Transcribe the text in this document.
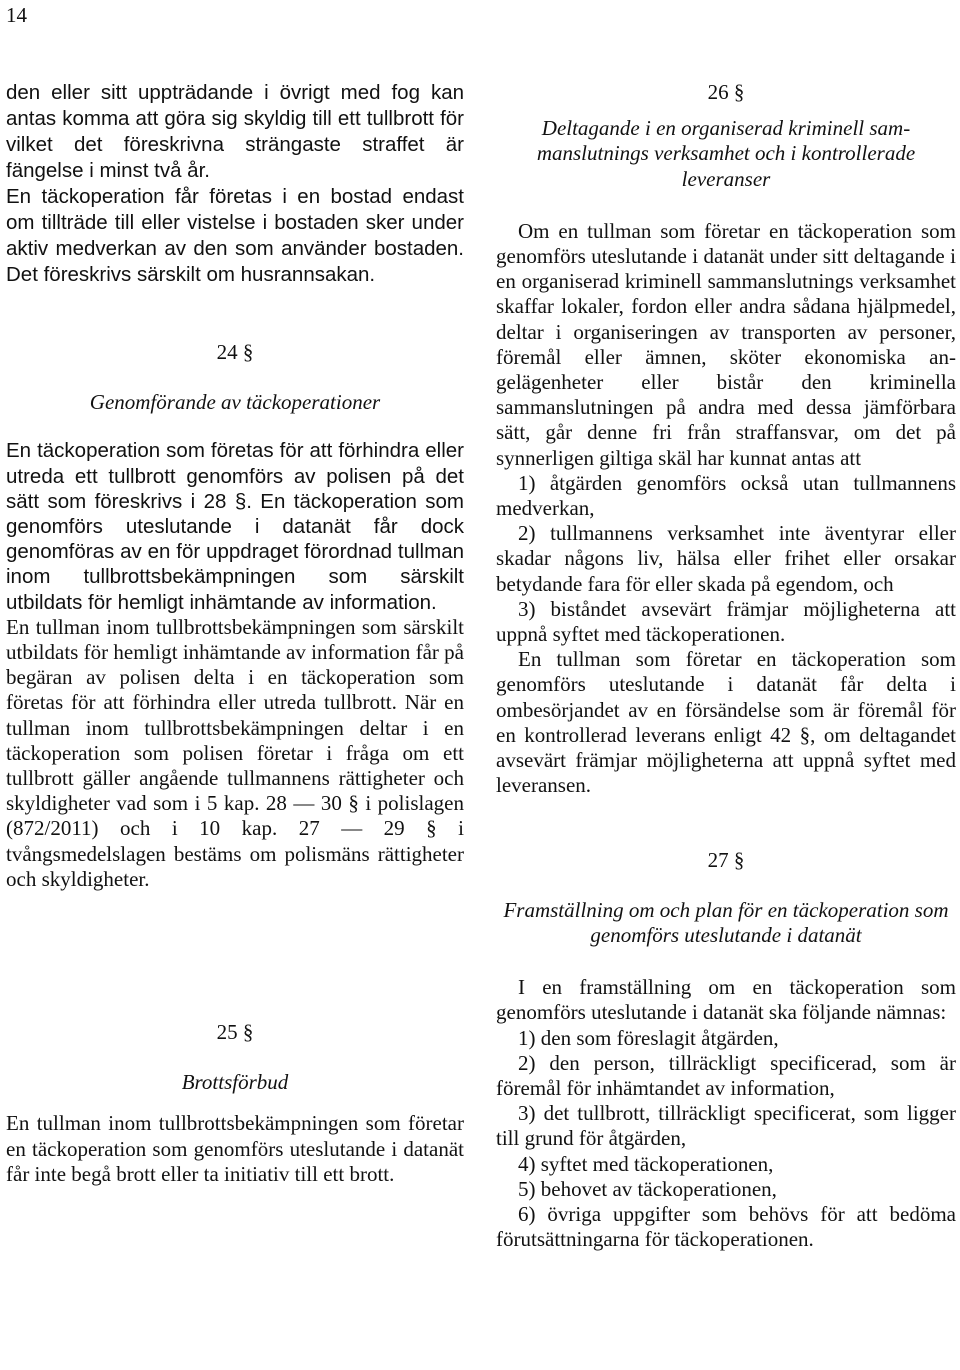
14

den eller sitt uppträdande i övrigt med fog kan antas komma att göra sig skyldig till ett tullbrott för vilket det föreskrivna strängaste straffet är fängelse i minst två år.

En täckoperation får företas i en bostad endast om tillträde till eller vistelse i bostaden sker under aktiv medverkan av den som använder bostaden. Det föreskrivs särskilt om husrannsakan.

24 §

Genomförande av täckoperationer

En täckoperation som företas för att förhindra eller utreda ett tullbrott genomförs av polisen på det sätt som föreskrivs i 28 §. En täckoperation som genomförs uteslutande i datanät får dock genomföras av en för uppdraget förordnad tullman inom tullbrottsbekämpningen som särskilt utbildats för hemligt inhämtande av information.

En tullman inom tullbrottsbekämpningen som särskilt utbildats för hemligt inhämtande av information får på begäran av polisen delta i en täckoperation som företas för att förhindra eller utreda tullbrott. När en tullman inom tullbrottsbekämpningen deltar i en täckoperation som polisen företar i fråga om ett tullbrott gäller angående tullmannens rättigheter och skyldigheter vad som i 5 kap. 28 — 30 § i polislagen (872/2011) och i 10 kap. 27 — 29 § i tvångsmedelslagen bestäms om polismäns rättigheter och skyldigheter.

25 §

Brottsförbud

En tullman inom tullbrottsbekämpningen som företar en täckoperation som genomförs uteslutande i datanät får inte begå brott eller ta initiativ till ett brott.

26 §

Deltagande i en organiserad kriminell sammanslutnings verksamhet och i kontrollerade leveranser

Om en tullman som företar en täckoperation som genomförs uteslutande i datanät under sitt deltagande i en organiserad kriminell sammanslutnings verksamhet skaffar lokaler, fordon eller andra sådana hjälpmedel, deltar i organiseringen av transporten av personer, föremål eller ämnen, sköter ekonomiska angelägenheter eller bistår den kriminella sammanslutningen på andra med dessa jämförbara sätt, går denne fri från straffansvar, om det på synnerligen giltiga skäl har kunnat antas att

1) åtgärden genomförs också utan tullmannens medverkan,

2) tullmannens verksamhet inte äventyrar eller skadar någons liv, hälsa eller frihet eller orsakar betydande fara för eller skada på egendom, och

3) biståndet avsevärt främjar möjligheterna att uppnå syftet med täckoperationen.

En tullman som företar en täckoperation som genomförs uteslutande i datanät får delta i ombesörjandet av en försändelse som är föremål för en kontrollerad leverans enligt 42 §, om deltagandet avsevärt främjar möjligheterna att uppnå syftet med leveransen.

27 §

Framställning om och plan för en täckoperation som genomförs uteslutande i datanät

I en framställning om en täckoperation som genomförs uteslutande i datanät ska följande nämnas:

1) den som föreslagit åtgärden,

2) den person, tillräckligt specificerad, som är föremål för inhämtandet av information,

3) det tullbrott, tillräckligt specificerat, som ligger till grund för åtgärden,

4) syftet med täckoperationen,

5) behovet av täckoperationen,

6) övriga uppgifter som behövs för att bedöma förutsättningarna för täckoperationen.
